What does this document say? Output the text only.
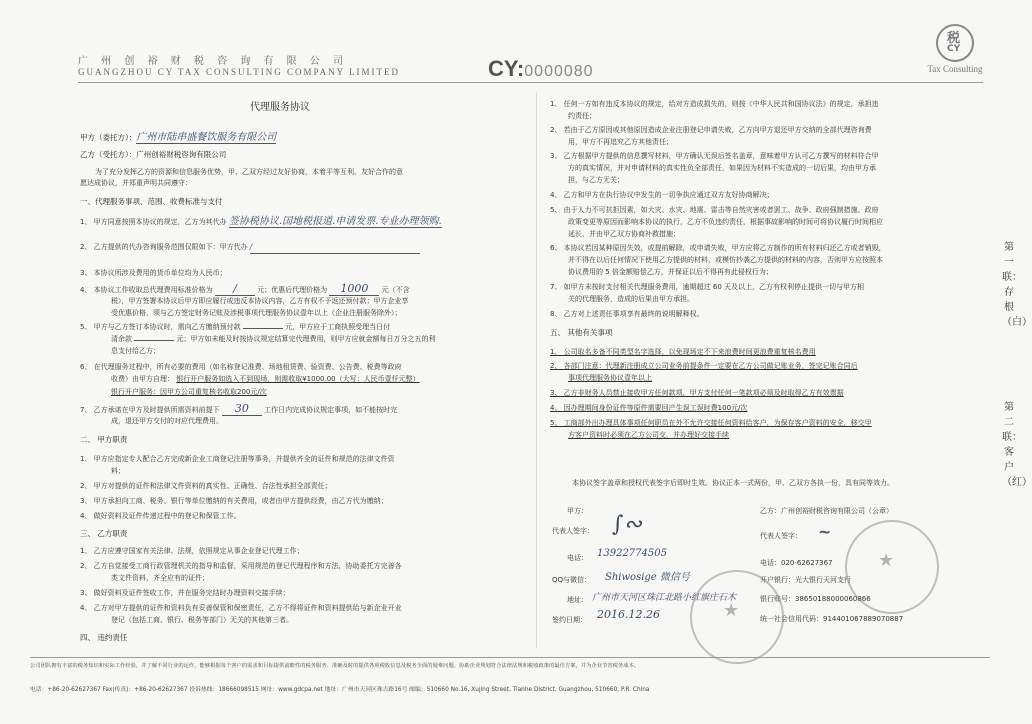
广 州 创 裕 财 税 咨 询 有 限 公 司
GUANGZHOU CY TAX CONSULTING COMPANY LIMITED	CY:0000080
税
CY
Tax Consulting
代理服务协议
甲方（委托方）：广州市陆串盛餐饮服务有限公司
乙方（受托方）：广州创裕财税咨询有限公司
为了充分发挥乙方的资源和信息服务优势，甲、乙双方经过友好协商，本着平等互利、友好合作的意
愿达成协议，并郑重声明共同遵守：
一、代理服务事项、范围、收费标准与支付
1、 甲方同意按照本协议的规定，乙方为其代办 签协税协议.国地税报道.申请发票.专业办理领购.
2、 乙方提供的代办咨询服务范围仅限如下：甲方代办 /
3、 本协议所涉及费用的货币单位均为人民币；
4、 本协议工作收取总代理费用标准价格为 /	元；优惠后代理价格为 1000 元（不含
税），甲方签署本协议后甲方即应履行或违反本协议内容，乙方有权不予返还预付款；甲方企业享
受优惠价格，须与乙方签定财务记账及涉税事项代理服务协议壹年以上（企业注册服务除外）；
5、 甲方与乙方签订本协议时，需向乙方缴纳预付款	元，甲方应于工商执照受理当日付
清余款	元；甲方如未能及时按协议规定结算完代理费用，则甲方应就金额每日万分之五的利
息支付给乙方；
6、 在代理服务过程中，所有必要的费用（如名称登记准费、场地租赁费、验资费、公告费、税费等政府
收费）由甲方自理： 银行开户服务如选入不到现场，则需收取¥1000.00（大写：人民币壹仟元整）
银行开户服务：因甲方公司重复核名收取200元/次
7、 乙方承诺在甲方及时提供所需资料前提下 30 工作日内完成协议规定事项，如不能按时完
成，退还甲方交付的对应代理费用。
二、 甲方职责
1、 甲方应指定专人配合乙方完成新企业工商登记注册等事务，并提供齐全的证件和规范的法律文件资
料；
2、 甲方对提供的证件和法律文件资料的真实性、正确性、合法性承担全部责任；
3、 甲方承担向工商、税务、银行等单位缴纳的有关费用，或者由甲方提供经费，由乙方代为缴纳；
4、 做好资料及证件传递过程中的登记和保管工作。
三、 乙方职责
1、 乙方应遵守国家有关法律、法规，依照规定从事企业登记代理工作；
2、 乙方自觉接受工商行政管理机关的指导和监督，采用规范的登记代理程序和方法，协助委托方完善各
类文件资料，齐全应有的证件；
3、 做好资料及证件签收工作，并在服务完结时办理资料交接手续；
4、 乙方对甲方提供的证件和资料负有妥善保管和保密责任，乙方不得将证件和资料提供给与新企业开业
登记（包括工商、银行、税务等部门）无关的其他第三者。
四、 违约责任
1、 任何一方如有违反本协议的规定，给对方造成损失的，则按《中华人民共和国协议法》的规定，承担违
约责任；
2、 若由于乙方原因或其他原因造成企业注册登记申请失败，乙方向甲方退还甲方交纳的全部代理咨询费
用，甲方不再追究乙方其他责任；
3、 乙方根据甲方提供的信息撰写材料，甲方确认无误后签名盖章，意味着甲方认可乙方撰写的材料符合甲
方的真实情况，并对申请材料的真实性负全部责任，如果因为材料不实造成的一切后果，均由甲方承
担，与乙方无关；
4、 乙方和甲方在执行协议中发生的一切争执应通过双方友好协商解决；
5、 由于人力不可抗拒因素，如大灾、水灾、地震、雷击等自然灾害或者罢工、战争、政府强制措施、政府
政策变更等原因而影响本协议的执行，乙方不负违约责任，根据事故影响的时间可将协议履行时间相应
延长，并由甲乙双方协商补救措施；
6、 本协议若因某种原因失效，或提前解除，或申请失败，甲方应将乙方制作的所有材料归还乙方或者销毁，
并不得在以后任何情况下使用乙方提供的材料，或模仿抄袭乙方提供的材料的内容，否则甲方应按照本
协议费用的 5 倍金额赔偿乙方，并保证以后不得再有此侵权行为；
7、 如甲方未按时支付相关代理服务费用，逾期超过 60 天及以上，乙方有权利停止提供一切与甲方相
关的代理服务，造成的后果由甲方承担。
8、 乙方对上述责任事项享有最终的说明解释权。
五、 其他有关事项
1、 公司取名多备不同类型名字选择，以免现场定不下来浪费时间更浪费重复核名费用
2、 各部门注意：代理新注册成立公司业务前提条件一定要在乙方公司做记账业务，签完记账合同后
事项代理服务协议壹年以上
3、 乙方非财务人员禁止接收甲方任何款项，甲方支付任何一笔款项必须及时取得乙方有效票据
4、 因办理期间身份证件等原件需要回产生误工误时费100元/次
5、 工商部外出办理具体事项任何职员在外不允许交接任何资料给客户，为保存客户资料的安全，移交甲
方客户资料时必须在乙方公司交，并办理好交接手续
本协议签字盖章和授权代表签字后即时生效。协议正本一式两份，甲、乙双方各执一份，具有同等效力。
甲方：	乙方：广州创裕财税咨询有限公司（公章）
代表人签字： ∫∾	代表人签字： ~
电话： 13922774505
电话：020-62627367
QQ与微信： Shiwosige 微信号	开户银行：光大银行天河支行
地址： 广州市天河区珠江北路小红旗庄石木	银行账号：38650188000060866
签约日期： 2016.12.26	统一社会信用代码：914401067889070887
★
★
第一联：存根（白）
第二联：客户（红）
公司团队拥有丰富的税务知识和实际工作经验，并了解不同行业的运作，能够根据每个客户的需求和目标提供前瞻性的税务服务、准确及时的提供各项税收信息及税务全面的疑难问题、协助企业规划符合法律法规和税收政策的最佳方案，并为企业节省税务成本。
电话：+86-20-62627367 Fax(传真)：+86-20-62627367 投诉热线：18666098515 网址：www.gdcpa.net 地址：广州市天河区珠吉路16号 邮编：510660 No.16, Xujing Street, Tianhe District, Guangzhou, 510660, P.R. China
